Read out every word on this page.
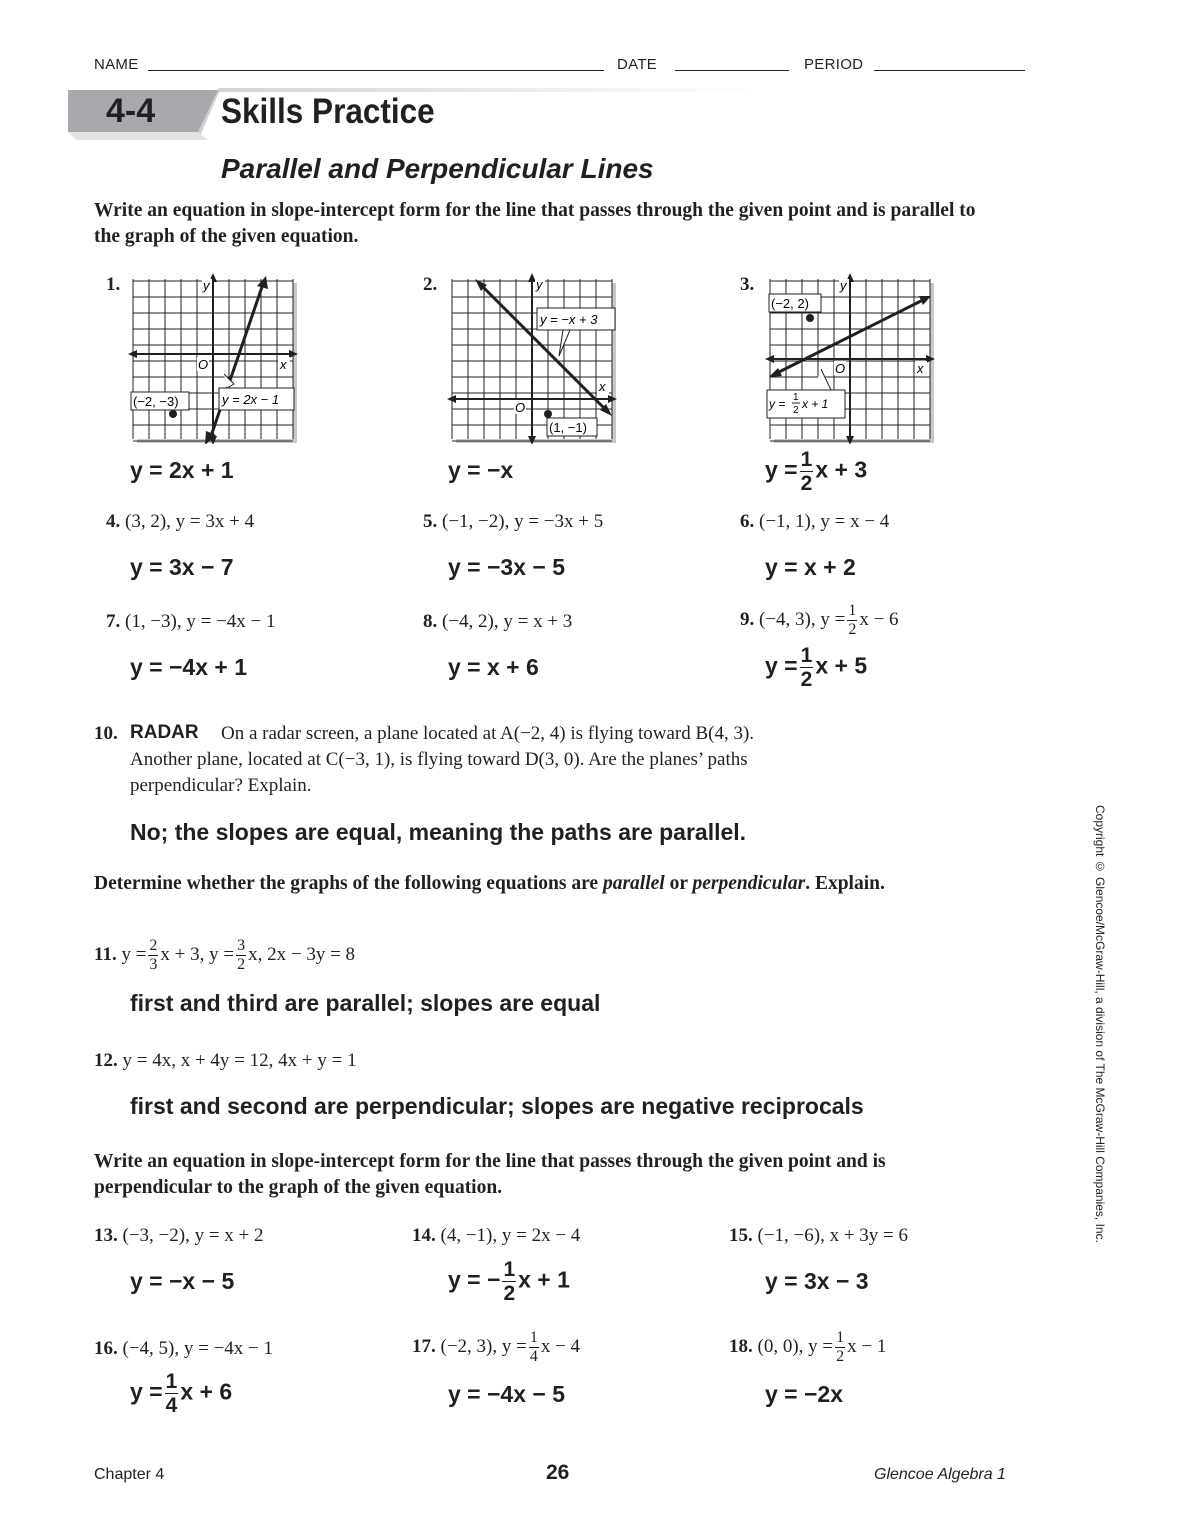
NAME	DATE	PERIOD
4-4 Skills Practice
Parallel and Perpendicular Lines
Write an equation in slope-intercept form for the line that passes through the given point and is parallel to the graph of the given equation.
1.	y
x
O
(−2, −3)	y = 2x − 1
y = 2x + 1
2.	y
x
O
y = −x + 3
(1, −1)
y = −x
3.	y
x
O
(−2, 2)
y = 1
2 x + 1
$y = \frac{1}{2}$ x + 3
4. (3, 2), y = 3x + 4	5. (−1, −2), y = −3x + 5	6. (−1, 1), y = x − 4
y = 3x − 7	y = −3x − 5	y = x + 2
7. (1, −3), y = −4x − 1	8. (−4, 2), y = x + 3	9. (−4, 3), $y = \frac{1}{2}$ x − 6
y = −4x + 1	y = x + 6	$y = \frac{1}{2}$ x + 5
10. RADAR On a radar screen, a plane located at A(−2, 4) is flying toward B(4, 3).
Another plane, located at C(−3, 1), is flying toward D(3, 0). Are the planes’ paths
perpendicular? Explain.
No; the slopes are equal, meaning the paths are parallel.
Determine whether the graphs of the following equations are parallel or perpendicular. Explain.
11. $y = \frac{2}{3}$ x + 3, $y = \frac{3}{2} x$, 2x − 3y = 8
first and third are parallel; slopes are equal
12. y = 4x, x + 4y = 12, 4x + y = 1
first and second are perpendicular; slopes are negative reciprocals
Write an equation in slope-intercept form for the line that passes through the given point and is perpendicular to the graph of the given equation.
13. (−3, −2), y = x + 2	14. (4, −1), y = 2x − 4	15. (−1, −6), x + 3y = 6
y = −x − 5	y = − $\frac{1}{2}$ x + 1	y = 3x − 3
16. (−4, 5), y = −4x − 1	17. (−2, 3), $y = \frac{1}{4}$ x − 4	18. (0, 0), $y = \frac{1}{2}$ x − 1
$y = \frac{1}{4}$ x + 6	y = −4x − 5	y = −2x
Copyright © Glencoe/McGraw-Hill, a division of The McGraw-Hill Companies, Inc.
Chapter 4	26	Glencoe Algebra 1
